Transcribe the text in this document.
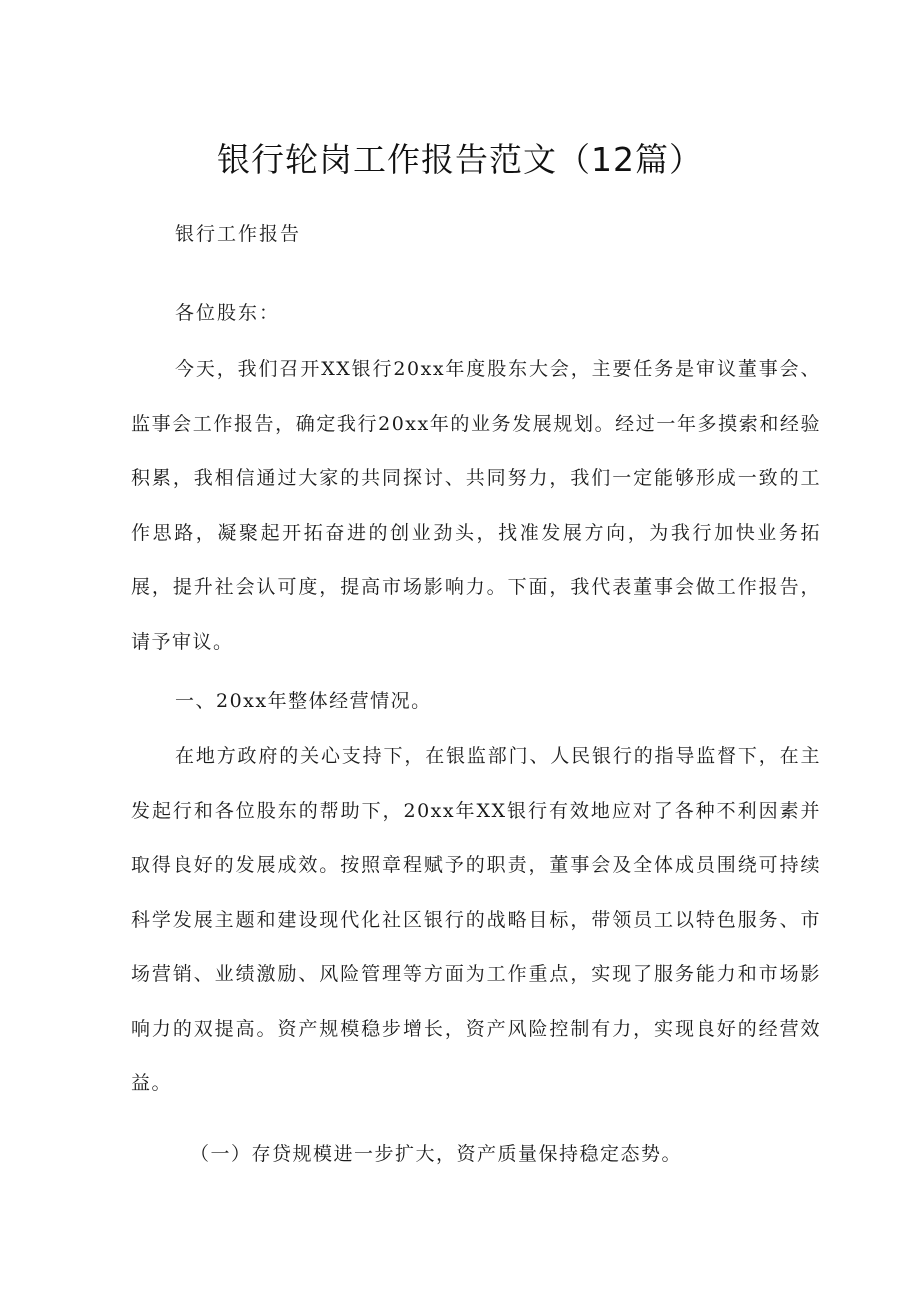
银行轮岗工作报告范文（12篇）
银行工作报告
各位股东：

今天，我们召开XX银行20xx年度股东大会，主要任务是审议董事会、监事会工作报告，确定我行20xx年的业务发展规划。经过一年多摸索和经验积累，我相信通过大家的共同探讨、共同努力，我们一定能够形成一致的工作思路，凝聚起开拓奋进的创业劲头，找准发展方向，为我行加快业务拓展，提升社会认可度，提高市场影响力。下面，我代表董事会做工作报告，请予审议。

一、20xx年整体经营情况。

在地方政府的关心支持下，在银监部门、人民银行的指导监督下，在主发起行和各位股东的帮助下，20xx年XX银行有效地应对了各种不利因素并取得良好的发展成效。按照章程赋予的职责，董事会及全体成员围绕可持续科学发展主题和建设现代化社区银行的战略目标，带领员工以特色服务、市场营销、业绩激励、风险管理等方面为工作重点，实现了服务能力和市场影响力的双提高。资产规模稳步增长，资产风险控制有力，实现良好的经营效益。

（一）存贷规模进一步扩大，资产质量保持稳定态势。
